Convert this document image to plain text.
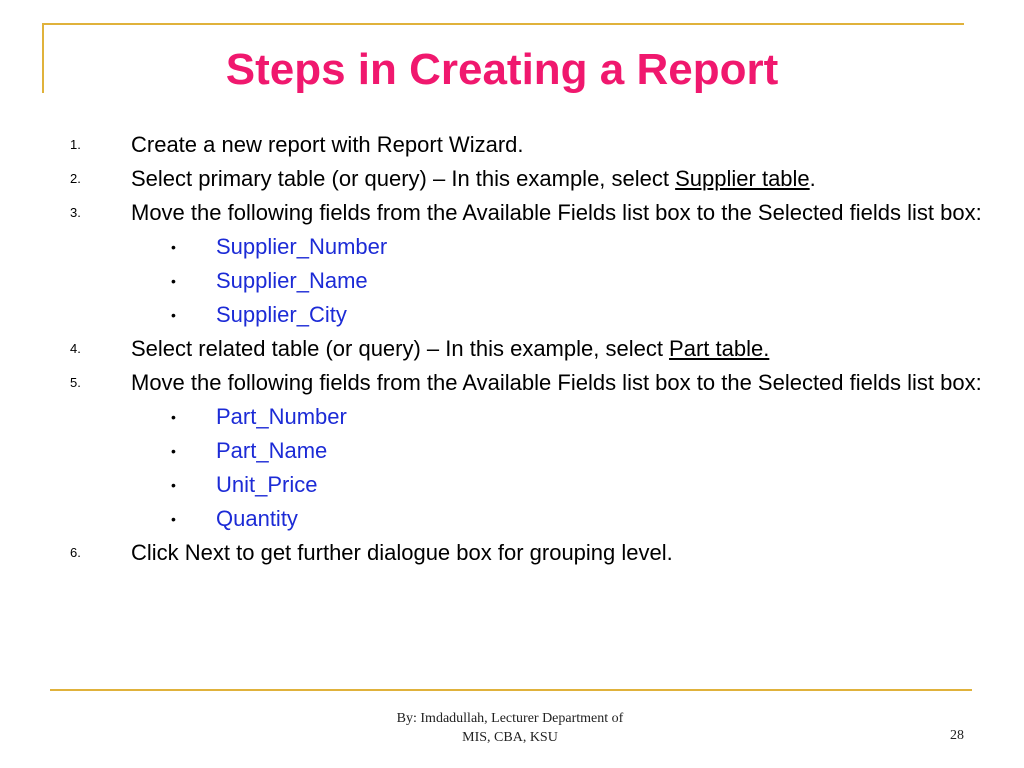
Steps in Creating a Report
1. Create a new report with Report Wizard.
2. Select primary table (or query) – In this example, select Supplier table.
3. Move the following fields from the Available Fields list box to the Selected fields list box:
• Supplier_Number
• Supplier_Name
• Supplier_City
4. Select related table (or query) – In this example, select Part table.
5. Move the following fields from the Available Fields list box to the Selected fields list box:
• Part_Number
• Part_Name
• Unit_Price
• Quantity
6. Click Next to get further dialogue box for grouping level.
By: Imdadullah, Lecturer Department of
MIS, CBA, KSU	28
